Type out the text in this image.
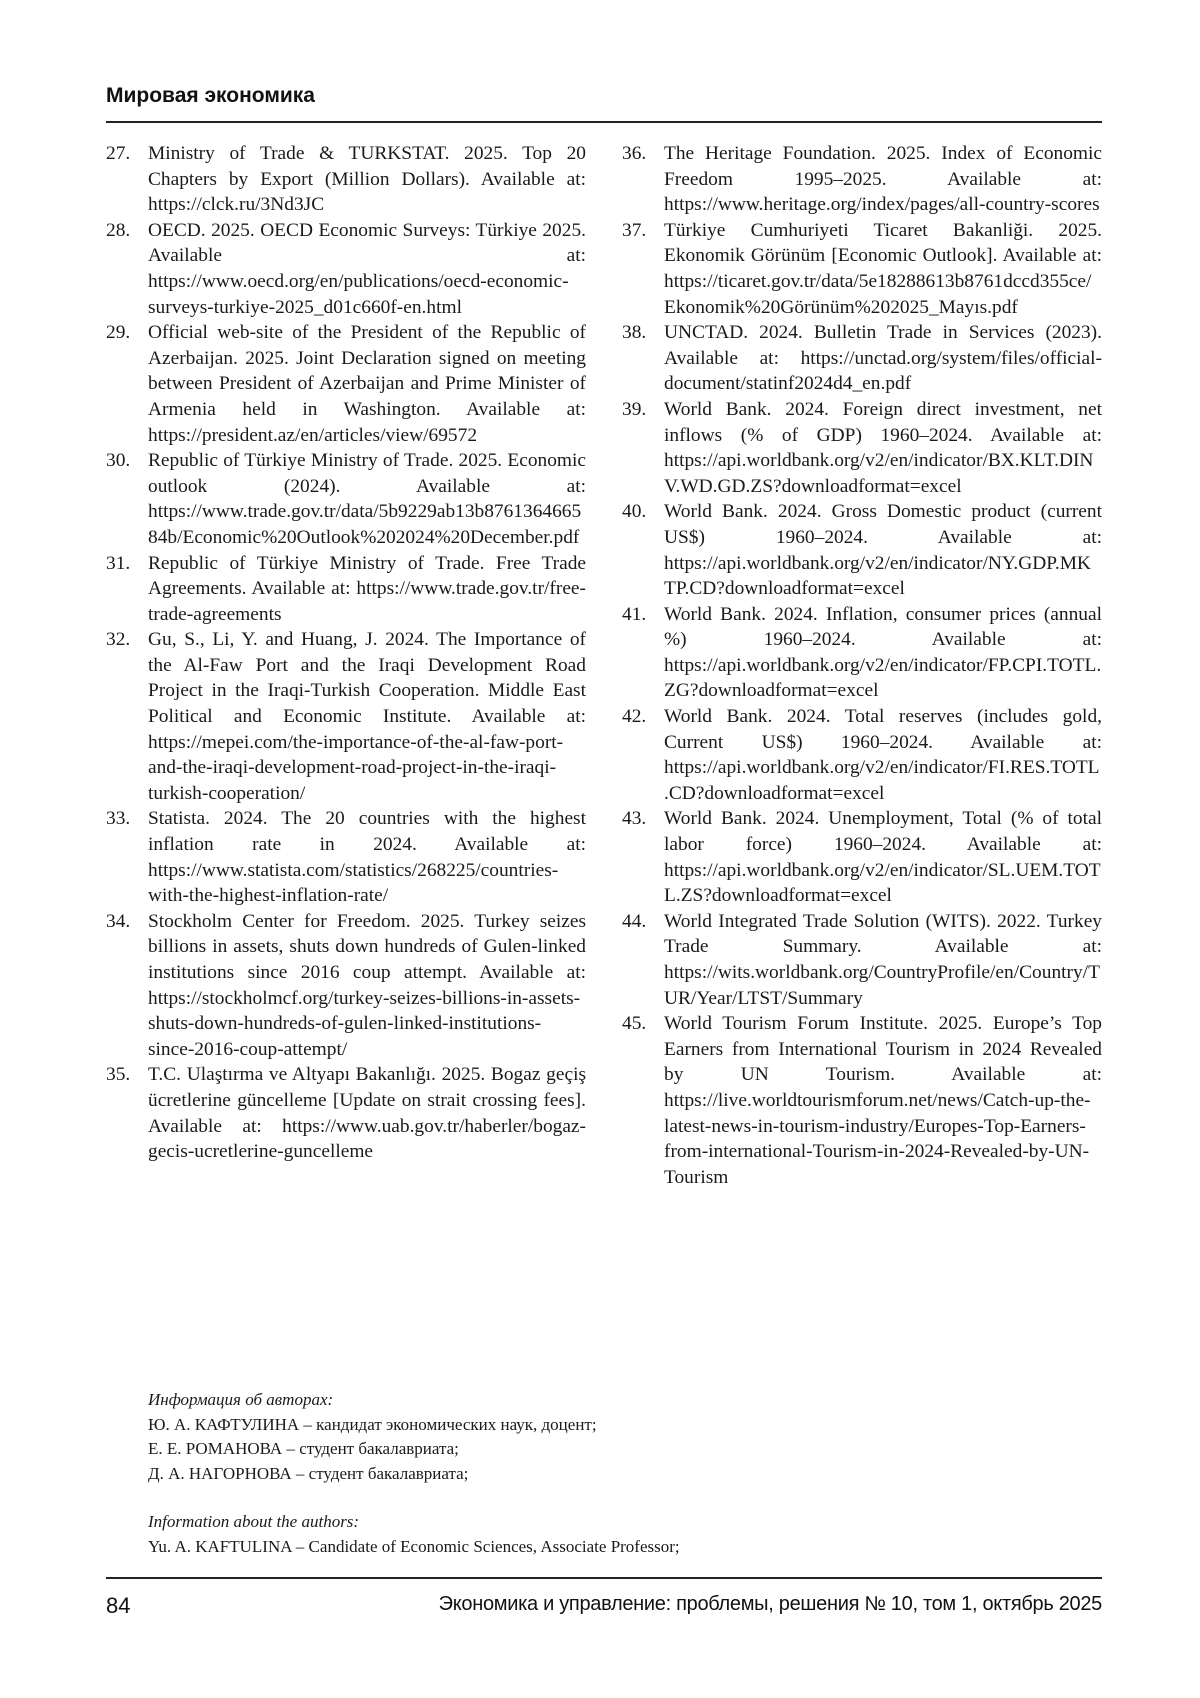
Мировая экономика
27. Ministry of Trade & TURKSTAT. 2025. Top 20 Chapters by Export (Million Dollars). Available at: https://clck.ru/3Nd3JC
28. OECD. 2025. OECD Economic Surveys: Türkiye 2025. Available at: https://www.oecd.org/en/publications/oecd-economic-surveys-turkiye-2025_d01c660f-en.html
29. Official web-site of the President of the Republic of Azerbaijan. 2025. Joint Declaration signed on meeting between President of Azerbaijan and Prime Minister of Armenia held in Washington. Available at: https://president.az/en/articles/view/69572
30. Republic of Türkiye Ministry of Trade. 2025. Economic outlook (2024). Available at: https://www.trade.gov.tr/data/5b9229ab13b876136466584b/Economic%20Outlook%202024%20December.pdf
31. Republic of Türkiye Ministry of Trade. Free Trade Agreements. Available at: https://www.trade.gov.tr/free-trade-agreements
32. Gu, S., Li, Y. and Huang, J. 2024. The Importance of the Al-Faw Port and the Iraqi Development Road Project in the Iraqi-Turkish Cooperation. Middle East Political and Economic Institute. Available at: https://mepei.com/the-importance-of-the-al-faw-port-and-the-iraqi-development-road-project-in-the-iraqi-turkish-cooperation/
33. Statista. 2024. The 20 countries with the highest inflation rate in 2024. Available at: https://www.statista.com/statistics/268225/countries-with-the-highest-inflation-rate/
34. Stockholm Center for Freedom. 2025. Turkey seizes billions in assets, shuts down hundreds of Gulen-linked institutions since 2016 coup attempt. Available at: https://stockholmcf.org/turkey-seizes-billions-in-assets-shuts-down-hundreds-of-gulen-linked-institutions-since-2016-coup-attempt/
35. T.C. Ulaştırma ve Altyapı Bakanlığı. 2025. Bogaz geçiş ücretlerine güncelleme [Update on strait crossing fees]. Available at: https://www.uab.gov.tr/haberler/bogaz-gecis-ucretlerine-guncelleme
36. The Heritage Foundation. 2025. Index of Economic Freedom 1995–2025. Available at: https://www.heritage.org/index/pages/all-country-scores
37. Türkiye Cumhuriyeti Ticaret Bakanliği. 2025. Ekonomik Görünüm [Economic Outlook]. Available at: https://ticaret.gov.tr/data/5e18288613b8761dccd355ce/Ekonomik%20Görünüm%202025_Mayıs.pdf
38. UNCTAD. 2024. Bulletin Trade in Services (2023). Available at: https://unctad.org/system/files/official-document/statinf2024d4_en.pdf
39. World Bank. 2024. Foreign direct investment, net inflows (% of GDP) 1960–2024. Available at: https://api.worldbank.org/v2/en/indicator/BX.KLT.DINV.WD.GD.ZS?downloadformat=excel
40. World Bank. 2024. Gross Domestic product (current US$) 1960–2024. Available at: https://api.worldbank.org/v2/en/indicator/NY.GDP.MKTP.CD?downloadformat=excel
41. World Bank. 2024. Inflation, consumer prices (annual %) 1960–2024. Available at: https://api.worldbank.org/v2/en/indicator/FP.CPI.TOTL.ZG?downloadformat=excel
42. World Bank. 2024. Total reserves (includes gold, Current US$) 1960–2024. Available at: https://api.worldbank.org/v2/en/indicator/FI.RES.TOTL.CD?downloadformat=excel
43. World Bank. 2024. Unemployment, Total (% of total labor force) 1960–2024. Available at: https://api.worldbank.org/v2/en/indicator/SL.UEM.TOTL.ZS?downloadformat=excel
44. World Integrated Trade Solution (WITS). 2022. Turkey Trade Summary. Available at: https://wits.worldbank.org/CountryProfile/en/Country/TUR/Year/LTST/Summary
45. World Tourism Forum Institute. 2025. Europe’s Top Earners from International Tourism in 2024 Revealed by UN Tourism. Available at: https://live.worldtourismforum.net/news/Catch-up-the-latest-news-in-tourism-industry/Europes-Top-Earners-from-international-Tourism-in-2024-Revealed-by-UN-Tourism
Информация об авторах:
Ю. А. КАФТУЛИНА – кандидат экономических наук, доцент;
Е. Е. РОМАНОВА – студент бакалавриата;
Д. А. НАГОРНОВА – студент бакалавриата;
Information about the authors:
Yu. A. KAFTULINA – Candidate of Economic Sciences, Associate Professor;
84	Экономика и управление: проблемы, решения № 10, том 1, октябрь 2025
